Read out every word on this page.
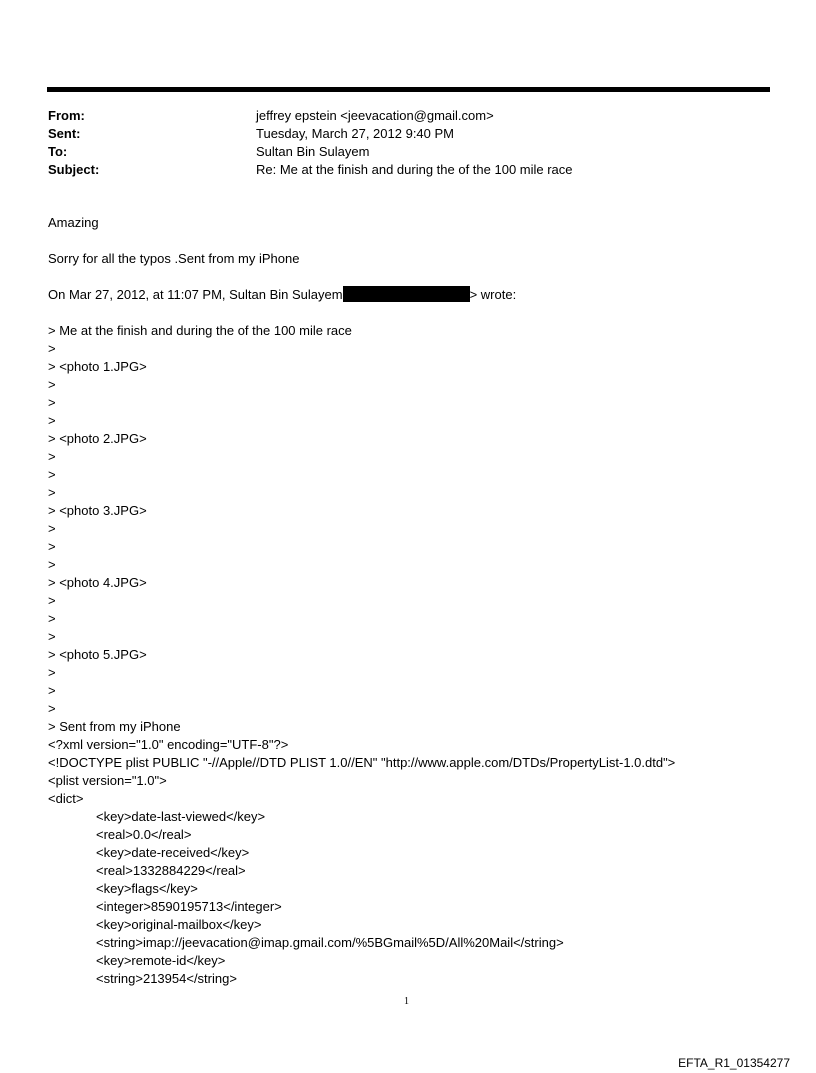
From:	jeffrey epstein <jeevacation@gmail.com>
Sent:	Tuesday, March 27, 2012 9:40 PM
To:	Sultan Bin Sulayem
Subject:	Re: Me at the finish and during the of the 100 mile race
Amazing
Sorry for all the typos .Sent from my iPhone
On Mar 27, 2012, at 11:07 PM, Sultan Bin Sulayem	> wrote:
> Me at the finish and during the of the 100 mile race
>
> <photo 1.JPG>
>
>
>
> <photo 2.JPG>
>
>
>
> <photo 3.JPG>
>
>
>
> <photo 4.JPG>
>
>
>
> <photo 5.JPG>
>
>
>
> Sent from my iPhone
<?xml version="1.0" encoding="UTF-8"?>
<!DOCTYPE plist PUBLIC "-//Apple//DTD PLIST 1.0//EN" "http://www.apple.com/DTDs/PropertyList-1.0.dtd">
<plist version="1.0">
<dict>
<key>date-last-viewed</key>
<real>0.0</real>
<key>date-received</key>
<real>1332884229</real>
<key>flags</key>
<integer>8590195713</integer>
<key>original-mailbox</key>
<string>imap://jeevacation@imap.gmail.com/%5BGmail%5D/All%20Mail</string>
<key>remote-id</key>
<string>213954</string>
1
EFTA_R1_01354277
